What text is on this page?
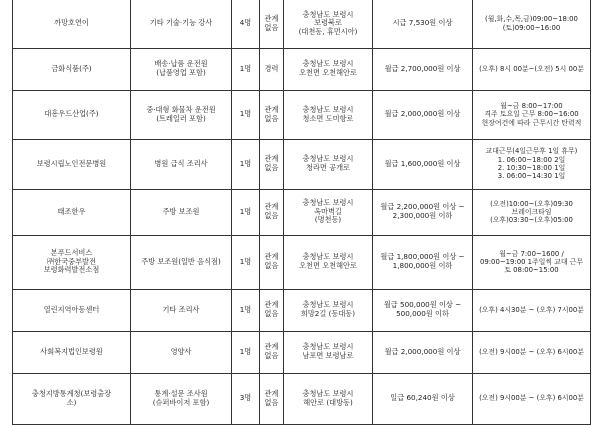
까망호연이	기타 기술·기능 강사	4명	관계
없음	충청남도 보령시
보령북로
(대천동, 휴먼시아)	시급 7,530원 이상	(월,화,수,목,금)09:00~18:00
(토)09:00~16:00

금화식품(주)	배송·납품 운전원
(납품영업 포함)	1명	경력	충청남도 보령시
오천면 오천해안로	월급 2,700,000원 이상	(오후) 8시 00분~(오전) 5시 00분

대흥우드산업(주)	중·대형 화물차 운전원
(트레일러 포함)	1명	관계
없음	충청남도 보령시
청소면 도미항로	월급 2,000,000원 이상	월~금 8:00~17:00
격주 토요일 근무 8:00~16:00
현장여건에 따라 근무시간 탄력적

보령시립노인전문병원	병원 급식 조리사	1명	관계
없음	충청남도 보령시
청라면 공개로	월급 1,600,000원 이상	교대근무(4일근무후 1일 휴무)
1. 06:00~18:00 2일
2. 10:30~18:00 1일
3. 06:00~14:30 1일

태조한우	주방 보조원	1명	관계
없음	충청남도 보령시
옥마벽길
(명천동)	월급 2,200,000원 이상 ~
2,300,000원 이하	(오전)10:00~(오후)09:30
브레이크타임
(오후)03:30~(오후)05:00

본푸드서비스
㈜한국중부발전
보령화력발전소점	주방 보조원(일반 음식점)	1명	관계
없음	충청남도 보령시
오천면 오천해안로	월급 1,800,000원 이상 ~
1,800,000원 이하	월~금 7:00~1600 /
09:00~19:00 1주일씩 교대 근무
토 08:00~15:00

열린지역아동센터	기타 조리사	1명	관계
없음	충청남도 보령시
희망2길 (동대동)	월급 500,000원 이상 ~
500,000원 이하	(오후) 4시30분 ~ (오후) 7시00분

사회복지법인보령원	영양사	1명	관계
없음	충청남도 보령시
남포면 보령남로	월급 2,000,000원 이상	(오전) 9시00분 ~ (오후) 6시00분

충청지방통계청(보령출장
소)	통계·설문 조사원
(슈퍼바이저 포함)	3명	관계
없음	충청남도 보령시
해안로 (대방동)	일급 60,240원 이상	(오전) 9시00분 ~ (오후) 6시00분
